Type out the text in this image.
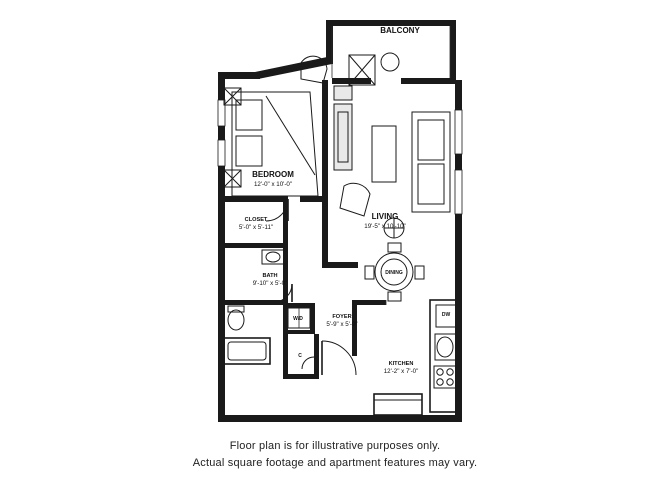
BALCONY
BEDROOM
12'-0" x 10'-0"
CLOSET
5'-0" x 5'-11"
BATH
9'-10" x 5'-0"
LIVING
19'-5" x 10'-10"
DINING
FOYER
5'-9" x 5'-9"
KITCHEN
12'-2" x 7'-0"
W/D
DW
C
Floor plan is for illustrative purposes only.
Actual square footage and apartment features may vary.
